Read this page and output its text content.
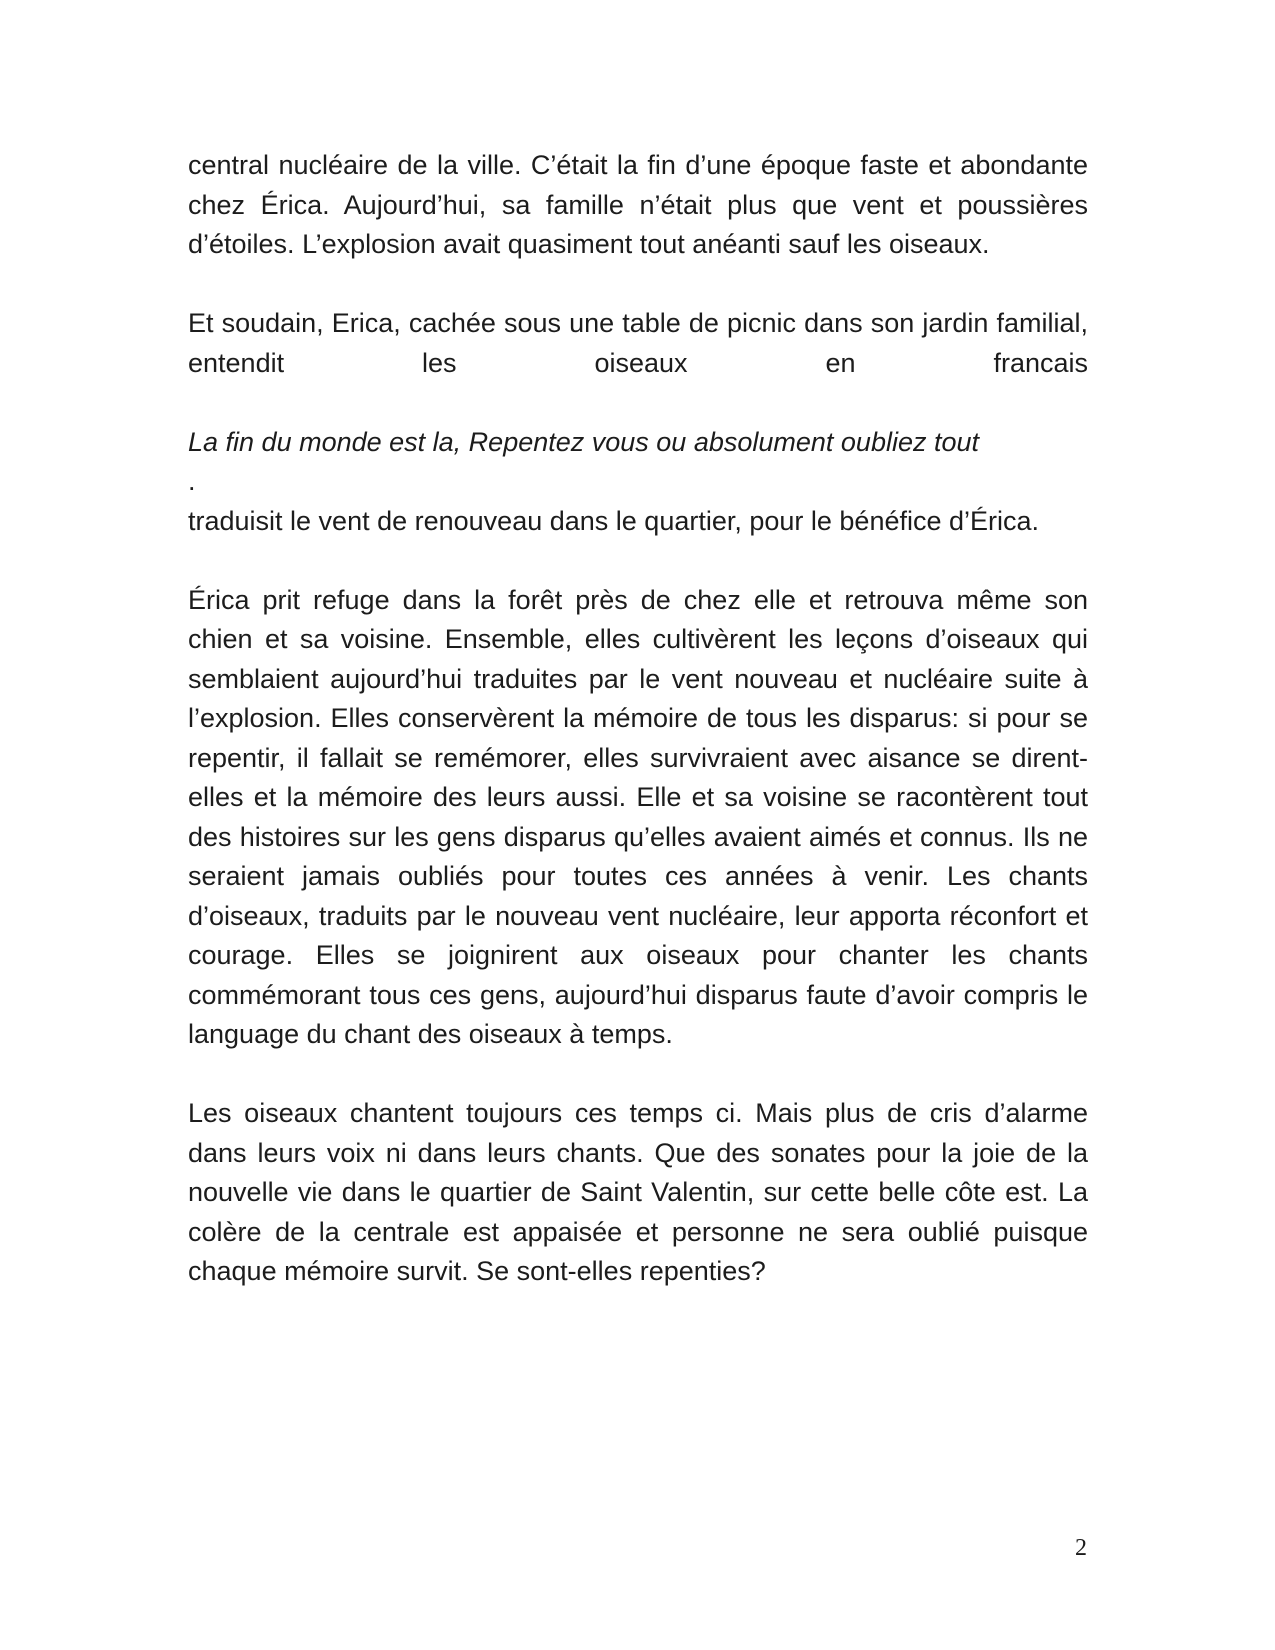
central nucléaire de la ville. C’était la fin d’une époque faste et abondante chez Érica. Aujourd’hui, sa famille n’était plus que vent et poussières d’étoiles. L’explosion avait quasiment tout anéanti sauf les oiseaux.

Et soudain, Erica, cachée sous une table de picnic dans son jardin familial, entendit les oiseaux en francais

La fin du monde est la, Repentez vous ou absolument oubliez tout

.

traduisit le vent de renouveau dans le quartier, pour le bénéfice d’Érica.

Érica prit refuge dans la forêt près de chez elle et retrouva même son chien et sa voisine. Ensemble, elles cultivèrent les leçons d’oiseaux qui semblaient aujourd’hui traduites par le vent nouveau et nucléaire suite à l’explosion. Elles conservèrent la mémoire de tous les disparus: si pour se repentir, il fallait se remémorer, elles survivraient avec aisance se dirent-elles et la mémoire des leurs aussi. Elle et sa voisine se racontèrent tout des histoires sur les gens disparus qu’elles avaient aimés et connus. Ils ne seraient jamais oubliés pour toutes ces années à venir. Les chants d’oiseaux, traduits par le nouveau vent nucléaire, leur apporta réconfort et courage. Elles se joignirent aux oiseaux pour chanter les chants commémorant tous ces gens, aujourd’hui disparus faute d’avoir compris le language du chant des oiseaux à temps.

Les oiseaux chantent toujours ces temps ci. Mais plus de cris d’alarme dans leurs voix ni dans leurs chants. Que des sonates pour la joie de la nouvelle vie dans le quartier de Saint Valentin, sur cette belle côte est. La colère de la centrale est appaisée et personne ne sera oublié puisque chaque mémoire survit. Se sont-elles repenties?

2
